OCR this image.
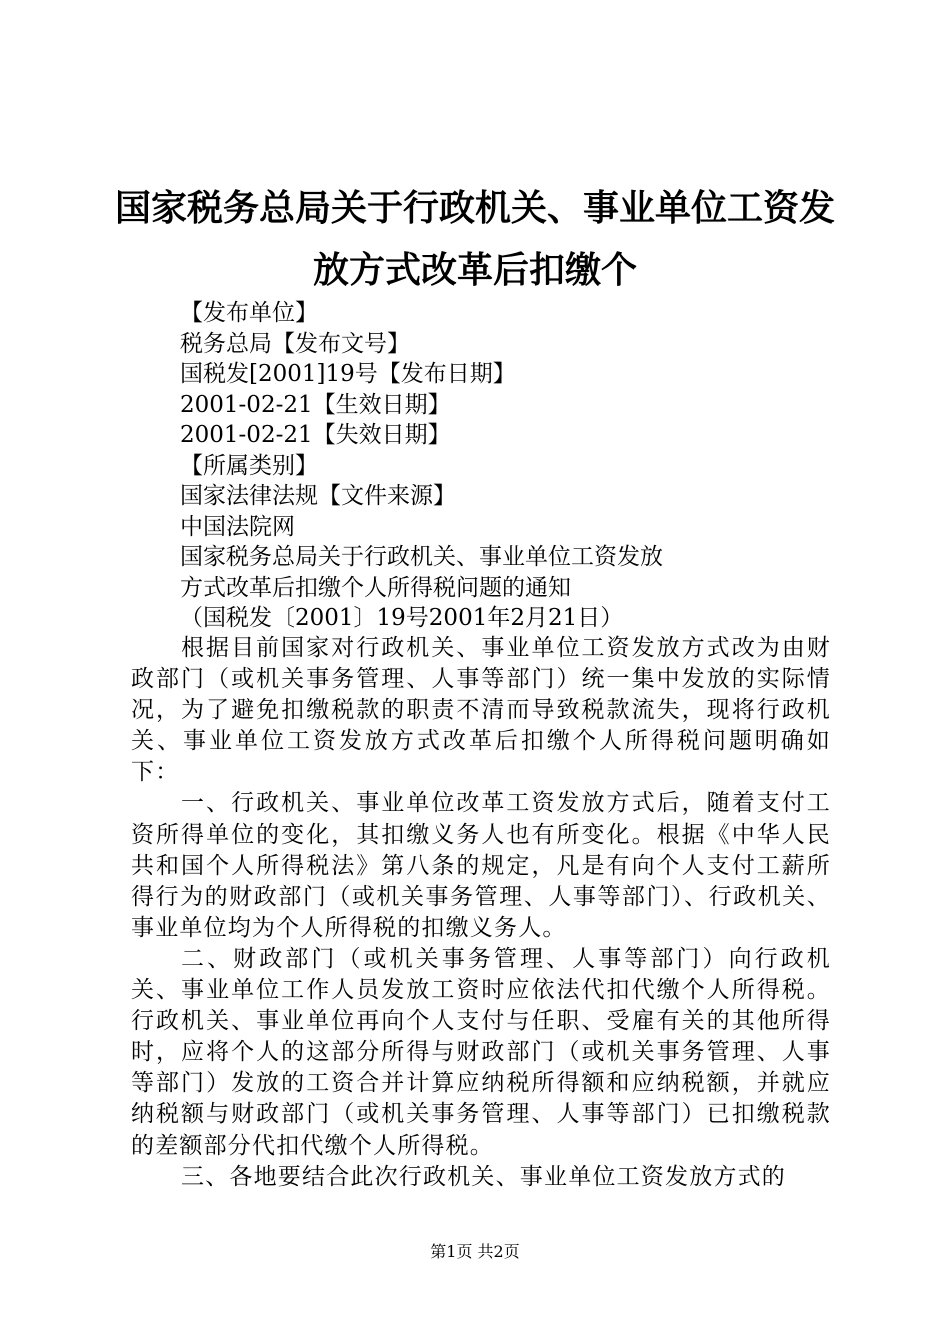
国家税务总局关于行政机关、事业单位工资发
放方式改革后扣缴个
【发布单位】
税务总局【发布文号】
国税发[2001]19号【发布日期】
2001-02-21【生效日期】
2001-02-21【失效日期】
【所属类别】
国家法律法规【文件来源】
中国法院网
国家税务总局关于行政机关、事业单位工资发放
方式改革后扣缴个人所得税问题的通知
（国税发〔2001〕19号2001年2月21日）

根据目前国家对行政机关、事业单位工资发放方式改为由财政部门（或机关事务管理、人事等部门）统一集中发放的实际情况，为了避免扣缴税款的职责不清而导致税款流失，现将行政机关、事业单位工资发放方式改革后扣缴个人所得税问题明确如下：

一、行政机关、事业单位改革工资发放方式后，随着支付工资所得单位的变化，其扣缴义务人也有所变化。根据《中华人民共和国个人所得税法》第八条的规定，凡是有向个人支付工薪所得行为的财政部门（或机关事务管理、人事等部门）、行政机关、事业单位均为个人所得税的扣缴义务人。

二、财政部门（或机关事务管理、人事等部门）向行政机关、事业单位工作人员发放工资时应依法代扣代缴个人所得税。行政机关、事业单位再向个人支付与任职、受雇有关的其他所得时，应将个人的这部分所得与财政部门（或机关事务管理、人事等部门）发放的工资合并计算应纳税所得额和应纳税额，并就应纳税额与财政部门（或机关事务管理、人事等部门）已扣缴税款的差额部分代扣代缴个人所得税。

三、各地要结合此次行政机关、事业单位工资发放方式的

第1页 共2页
